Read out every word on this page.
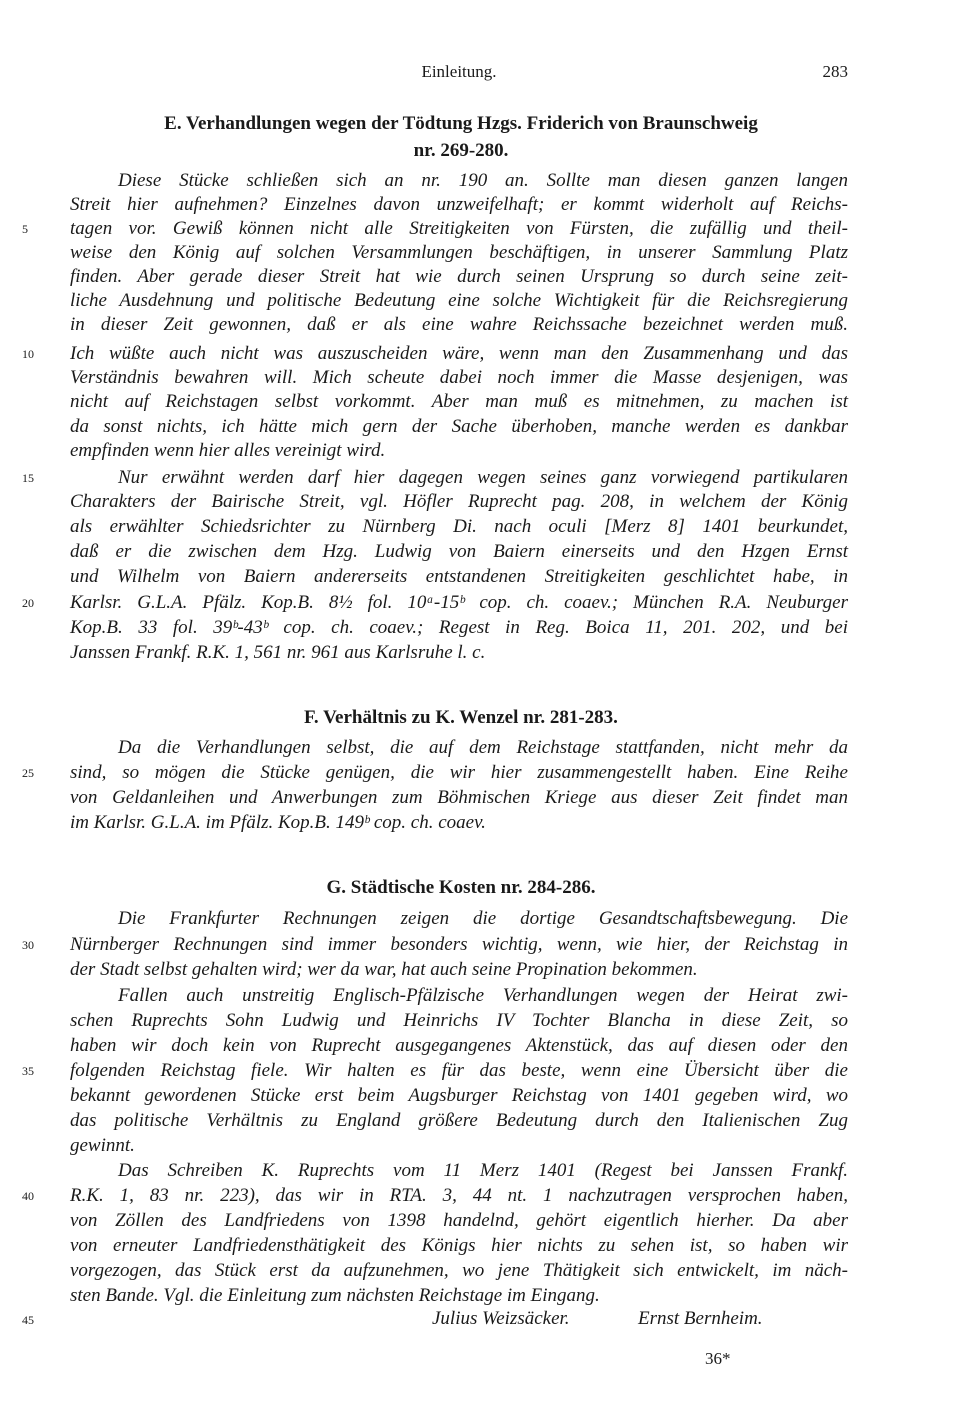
Einleitung.	283
E. Verhandlungen wegen der Tödtung Hzgs. Friderich von Braunschweig
nr. 269-280.
Diese Stücke schließen sich an nr. 190 an. Sollte man diesen ganzen langen
Streit hier aufnehmen? Einzelnes davon unzweifelhaft; er kommt widerholt auf Reichs-
tagen vor. Gewiß können nicht alle Streitigkeiten von Fürsten, die zufällig und theil-
weise den König auf solchen Versammlungen beschäftigen, in unserer Sammlung Platz
finden. Aber gerade dieser Streit hat wie durch seinen Ursprung so durch seine zeit-
liche Ausdehnung und politische Bedeutung eine solche Wichtigkeit für die Reichsregierung
in dieser Zeit gewonnen, daß er als eine wahre Reichssache bezeichnet werden muß.
Ich wüßte auch nicht was auszuscheiden wäre, wenn man den Zusammenhang und das
Verständnis bewahren will. Mich scheute dabei noch immer die Masse desjenigen, was
nicht auf Reichstagen selbst vorkommt. Aber man muß es mitnehmen, zu machen ist
da sonst nichts, ich hätte mich gern der Sache überhoben, manche werden es dankbar
empfinden wenn hier alles vereinigt wird.
Nur erwähnt werden darf hier dagegen wegen seines ganz vorwiegend partikularen
Charakters der Bairische Streit, vgl. Höfler Ruprecht pag. 208, in welchem der König
als erwählter Schiedsrichter zu Nürnberg Di. nach oculi [Merz 8] 1401 beurkundet,
daß er die zwischen dem Hzg. Ludwig von Baiern einerseits und den Hzgen Ernst
und Wilhelm von Baiern andererseits entstandenen Streitigkeiten geschlichtet habe, in
Karlsr. G.L.A. Pfälz. Kop.B. 8½ fol. 10ᵃ-15ᵇ cop. ch. coaev.; München R.A. Neuburger
Kop.B. 33 fol. 39ᵇ-43ᵇ cop. ch. coaev.; Regest in Reg. Boica 11, 201. 202, und bei
Janssen Frankf. R.K. 1, 561 nr. 961 aus Karlsruhe l. c.
F. Verhältnis zu K. Wenzel nr. 281-283.
Da die Verhandlungen selbst, die auf dem Reichstage stattfanden, nicht mehr da
sind, so mögen die Stücke genügen, die wir hier zusammengestellt haben. Eine Reihe
von Geldanleihen und Anwerbungen zum Böhmischen Kriege aus dieser Zeit findet man
im Karlsr. G.L.A. im Pfälz. Kop.B. 149ᵇ cop. ch. coaev.
G. Städtische Kosten nr. 284-286.
Die Frankfurter Rechnungen zeigen die dortige Gesandtschaftsbewegung. Die
Nürnberger Rechnungen sind immer besonders wichtig, wenn, wie hier, der Reichstag in
der Stadt selbst gehalten wird; wer da war, hat auch seine Propination bekommen.
Fallen auch unstreitig Englisch-Pfälzische Verhandlungen wegen der Heirat zwi-
schen Ruprechts Sohn Ludwig und Heinrichs IV Tochter Blancha in diese Zeit, so
haben wir doch kein von Ruprecht ausgegangenes Aktenstück, das auf diesen oder den
folgenden Reichstag fiele. Wir halten es für das beste, wenn eine Übersicht über die
bekannt gewordenen Stücke erst beim Augsburger Reichstag von 1401 gegeben wird, wo
das politische Verhältnis zu England größere Bedeutung durch den Italienischen Zug
gewinnt.
Das Schreiben K. Ruprechts vom 11 Merz 1401 (Regest bei Janssen Frankf.
R.K. 1, 83 nr. 223), das wir in RTA. 3, 44 nt. 1 nachzutragen versprochen haben,
von Zöllen des Landfriedens von 1398 handelnd, gehört eigentlich hierher. Da aber
von erneuter Landfriedensthätigkeit des Königs hier nichts zu sehen ist, so haben wir
vorgezogen, das Stück erst da aufzunehmen, wo jene Thätigkeit sich entwickelt, im näch-
sten Bande. Vgl. die Einleitung zum nächsten Reichstage im Eingang.
5
10
15
20
25
30
35
40
45	Julius Weizsäcker.	Ernst Bernheim.
36*
